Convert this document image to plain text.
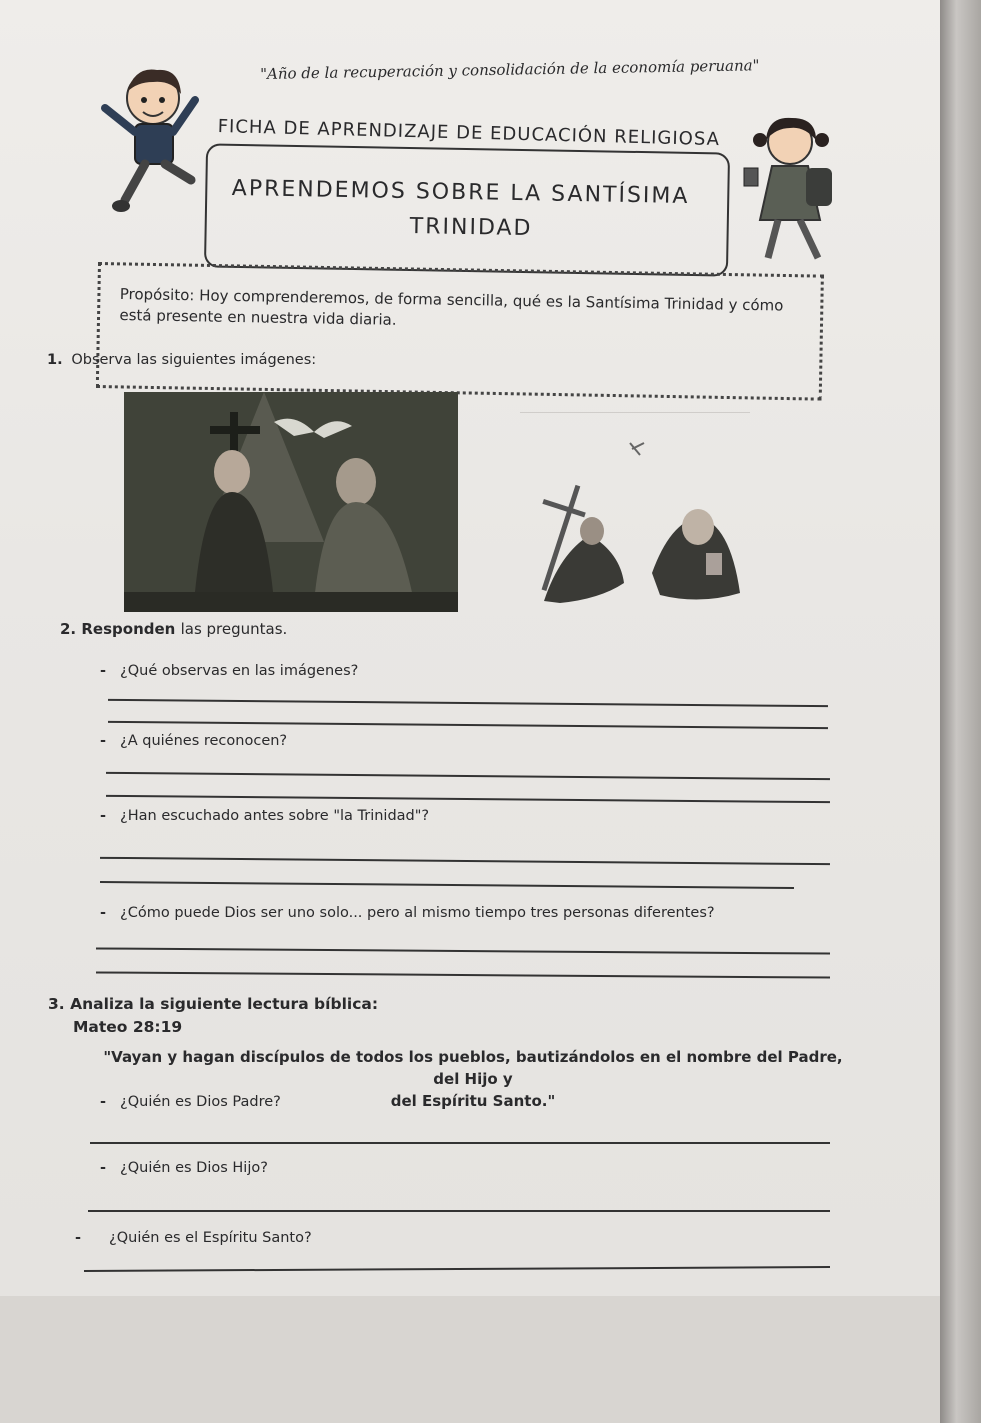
"Año de la recuperación y consolidación de la economía peruana"
FICHA DE APRENDIZAJE DE EDUCACIÓN RELIGIOSA
APRENDEMOS SOBRE LA SANTÍSIMA
TRINIDAD
Propósito: Hoy comprenderemos, de forma sencilla, qué es la Santísima Trinidad y cómo está presente en nuestra vida diaria.
1. Observa las siguientes imágenes:
2. Responden las preguntas.
- ¿Qué observas en las imágenes?
- ¿A quiénes reconocen?
- ¿Han escuchado antes sobre "la Trinidad"?
- ¿Cómo puede Dios ser uno solo... pero al mismo tiempo tres personas diferentes?
3. Analiza la siguiente lectura bíblica:
Mateo 28:19
"Vayan y hagan discípulos de todos los pueblos, bautizándolos en el nombre del Padre, del Hijo y
del Espíritu Santo."
- ¿Quién es Dios Padre?
- ¿Quién es Dios Hijo?
- ¿Quién es el Espíritu Santo?
